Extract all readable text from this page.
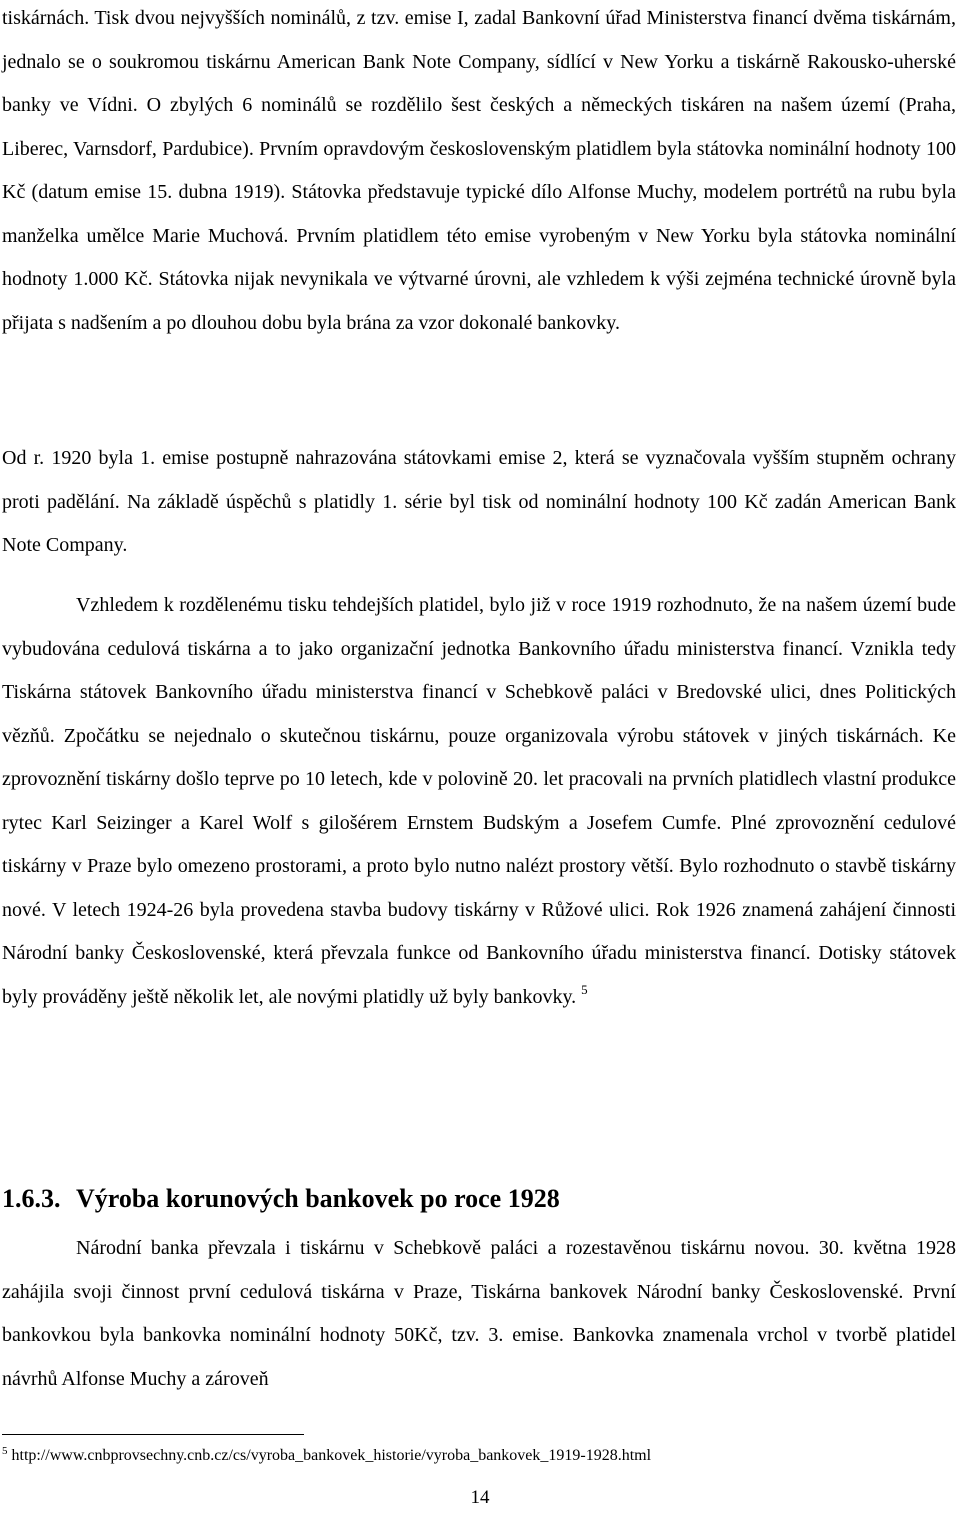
tiskárnách. Tisk dvou nejvyšších nominálů, z tzv. emise I, zadal Bankovní úřad Ministerstva financí dvěma tiskárnám, jednalo se o soukromou tiskárnu American Bank Note Company, sídlící v New Yorku a tiskárně Rakousko-uherské banky ve Vídni. O zbylých 6 nominálů se rozdělilo šest českých a německých tiskáren na našem území (Praha, Liberec, Varnsdorf, Pardubice). Prvním opravdovým československým platidlem byla státovka nominální hodnoty 100 Kč (datum emise 15. dubna 1919). Státovka představuje typické dílo Alfonse Muchy, modelem portrétů na rubu byla manželka umělce Marie Muchová. Prvním platidlem této emise vyrobeným v New Yorku byla státovka nominální hodnoty 1.000 Kč. Státovka nijak nevynikala ve výtvarné úrovni, ale vzhledem k výši zejména technické úrovně byla přijata s nadšením a po dlouhou dobu byla brána za vzor dokonalé bankovky.

Od r. 1920 byla 1. emise postupně nahrazována státovkami emise 2, která se vyznačovala vyšším stupněm ochrany proti padělání. Na základě úspěchů s platidly 1. série byl tisk od nominální hodnoty 100 Kč zadán American Bank Note Company.

Vzhledem k rozdělenému tisku tehdejších platidel, bylo již v roce 1919 rozhodnuto, že na našem území bude vybudována cedulová tiskárna a to jako organizační jednotka Bankovního úřadu ministerstva financí. Vznikla tedy Tiskárna státovek Bankovního úřadu ministerstva financí v Schebkově paláci v Bredovské ulici, dnes Politických vězňů. Zpočátku se nejednalo o skutečnou tiskárnu, pouze organizovala výrobu státovek v jiných tiskárnách. Ke zprovoznění tiskárny došlo teprve po 10 letech, kde v polovině 20. let pracovali na prvních platidlech vlastní produkce rytec Karl Seizinger a Karel Wolf s gilošérem Ernstem Budským a Josefem Cumfe. Plné zprovoznění cedulové tiskárny v Praze bylo omezeno prostorami, a proto bylo nutno nalézt prostory větší. Bylo rozhodnuto o stavbě tiskárny nové. V letech 1924-26 byla provedena stavba budovy tiskárny v Růžové ulici. Rok 1926 znamená zahájení činnosti Národní banky Československé, která převzala funkce od Bankovního úřadu ministerstva financí. Dotisky státovek byly prováděny ještě několik let, ale novými platidly už byly bankovky. $^5$

1.6.3. Výroba korunových bankovek po roce 1928

Národní banka převzala i tiskárnu v Schebkově paláci a rozestavěnou tiskárnu novou. 30. května 1928 zahájila svoji činnost první cedulová tiskárna v Praze, Tiskárna bankovek Národní banky Československé. První bankovkou byla bankovka nominální hodnoty 50Kč, tzv. 3. emise. Bankovka znamenala vrchol v tvorbě platidel návrhů Alfonse Muchy a zároveň

$^5$ http://www.cnbprovsechny.cnb.cz/cs/vyroba_bankovek_historie/vyroba_bankovek_1919-1928.html

14
